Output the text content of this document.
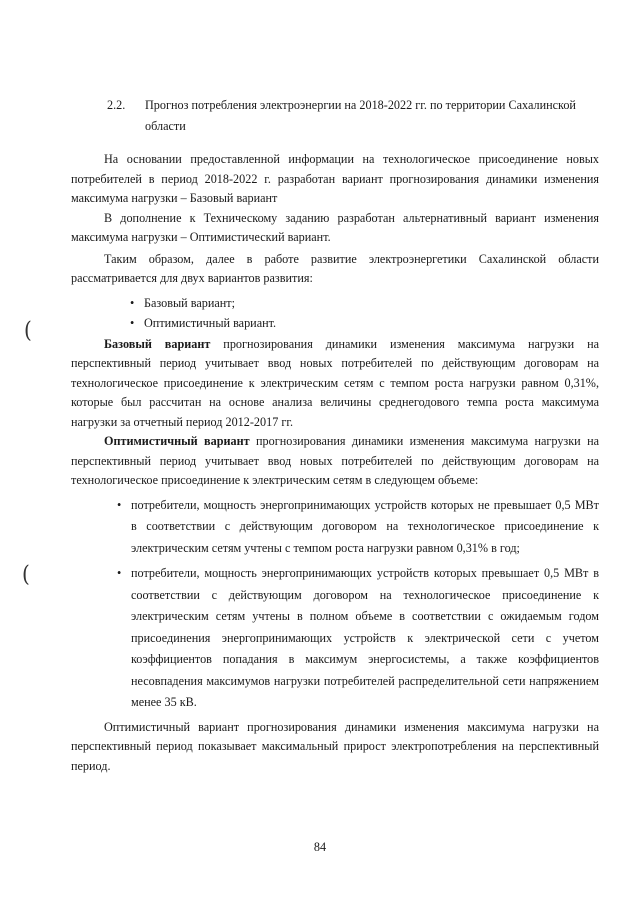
(
(
2.2.	Прогноз потребления электроэнергии на 2018-2022 гг. по территории Сахалинской
области

На основании предоставленной информации на технологическое присоединение новых потребителей в период 2018-2022 г. разработан вариант прогнозирования динамики изменения максимума нагрузки – Базовый вариант

В дополнение к Техническому заданию разработан альтернативный вариант изменения максимума нагрузки – Оптимистический вариант.

Таким образом, далее в работе развитие электроэнергетики Сахалинской области рассматривается для двух вариантов развития:

• Базовый вариант;
• Оптимистичный вариант.

Базовый вариант прогнозирования динамики изменения максимума нагрузки на перспективный период учитывает ввод новых потребителей по действующим договорам на технологическое присоединение к электрическим сетям с темпом роста нагрузки равном 0,31%, которые был рассчитан на основе анализа величины среднегодового темпа роста максимума нагрузки за отчетный период 2012-2017 гг.

Оптимистичный вариант прогнозирования динамики изменения максимума нагрузки на перспективный период учитывает ввод новых потребителей по действующим договорам на технологическое присоединение к электрическим сетям в следующем объеме:

• потребители, мощность энергопринимающих устройств которых не превышает 0,5 МВт в соответствии с действующим договором на технологическое присоединение к электрическим сетям учтены с темпом роста нагрузки равном 0,31% в год;
• потребители, мощность энергопринимающих устройств которых превышает 0,5 МВт в соответствии с действующим договором на технологическое присоединение к электрическим сетям учтены в полном объеме в соответствии с ожидаемым годом присоединения энергопринимающих устройств к электрической сети с учетом коэффициентов попадания в максимум энергосистемы, а также коэффициентов несовпадения максимумов нагрузки потребителей распределительной сети напряжением менее 35 кВ.

Оптимистичный вариант прогнозирования динамики изменения максимума нагрузки на перспективный период показывает максимальный прирост электропотребления на перспективный период.

84
